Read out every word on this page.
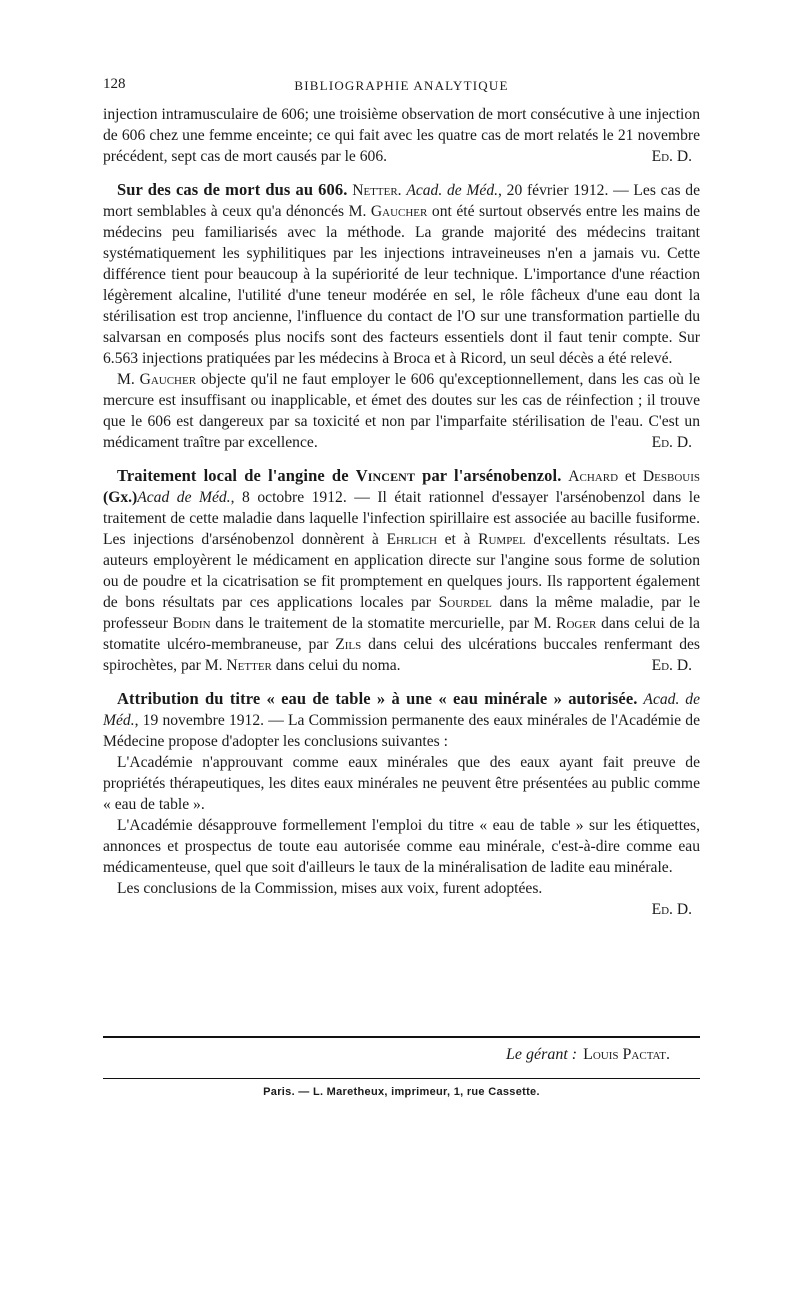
128	BIBLIOGRAPHIE ANALYTIQUE

injection intramusculaire de 606; une troisième observation de mort consécutive à une injection de 606 chez une femme enceinte; ce qui fait avec les quatre cas de mort relatés le 21 novembre précédent, sept cas de mort causés par le 606.	Ed. D.

Sur des cas de mort dus au 606. Netter. Acad. de Méd., 20 février 1912. — Les cas de mort semblables à ceux qu'a dénoncés M. Gaucher ont été surtout observés entre les mains de médecins peu familiarisés avec la méthode. La grande majorité des médecins traitant systématiquement les syphilitiques par les injections intraveineuses n'en a jamais vu. Cette différence tient pour beaucoup à la supériorité de leur technique. L'importance d'une réaction légèrement alcaline, l'utilité d'une teneur modérée en sel, le rôle fâcheux d'une eau dont la stérilisation est trop ancienne, l'influence du contact de l'O sur une transformation partielle du salvarsan en composés plus nocifs sont des facteurs essentiels dont il faut tenir compte. Sur 6.563 injections pratiquées par les médecins à Broca et à Ricord, un seul décès a été relevé.

M. Gaucher objecte qu'il ne faut employer le 606 qu'exceptionnellement, dans les cas où le mercure est insuffisant ou inapplicable, et émet des doutes sur les cas de réinfection ; il trouve que le 606 est dangereux par sa toxicité et non par l'imparfaite stérilisation de l'eau. C'est un médicament traître par excellence.	Ed. D.

Traitement local de l'angine de Vincent par l'arsénobenzol. Achard et Desbouis (Gx.)Acad de Méd., 8 octobre 1912. — Il était rationnel d'essayer l'arsénobenzol dans le traitement de cette maladie dans laquelle l'infection spirillaire est associée au bacille fusiforme. Les injections d'arsénobenzol donnèrent à Ehrlich et à Rumpel d'excellents résultats. Les auteurs employèrent le médicament en application directe sur l'angine sous forme de solution ou de poudre et la cicatrisation se fit promptement en quelques jours. Ils rapportent également de bons résultats par ces applications locales par Sourdel dans la même maladie, par le professeur Bodin dans le traitement de la stomatite mercurielle, par M. Roger dans celui de la stomatite ulcéro-membraneuse, par Zils dans celui des ulcérations buccales renfermant des spirochètes, par M. Netter dans celui du noma.	Ed. D.

Attribution du titre « eau de table » à une « eau minérale » autorisée. Acad. de Méd., 19 novembre 1912. — La Commission permanente des eaux minérales de l'Académie de Médecine propose d'adopter les conclusions suivantes :

L'Académie n'approuvant comme eaux minérales que des eaux ayant fait preuve de propriétés thérapeutiques, les dites eaux minérales ne peuvent être présentées au public comme « eau de table ».

L'Académie désapprouve formellement l'emploi du titre « eau de table » sur les étiquettes, annonces et prospectus de toute eau autorisée comme eau minérale, c'est-à-dire comme eau médicamenteuse, quel que soit d'ailleurs le taux de la minéralisation de ladite eau minérale.

Les conclusions de la Commission, mises aux voix, furent adoptées.

Ed. D.

Le gérant : Louis Pactat.
Paris. — L. Maretheux, imprimeur, 1, rue Cassette.
